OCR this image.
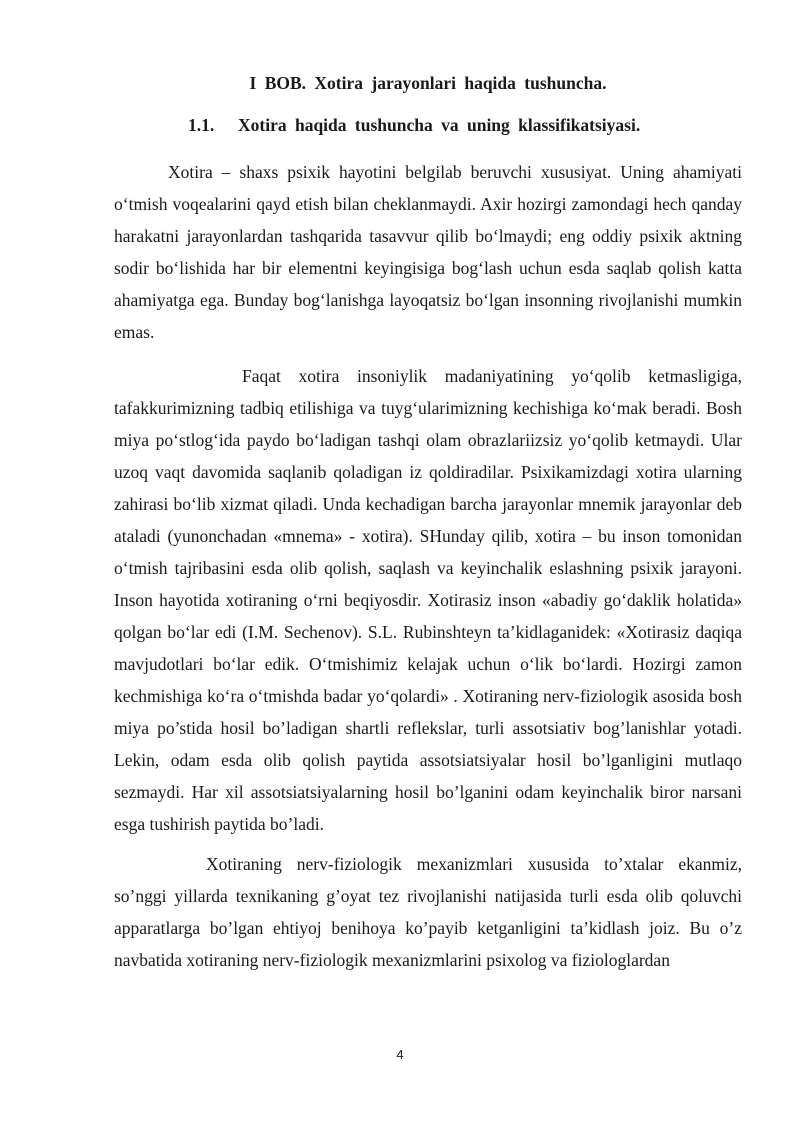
I BOB. Xotira jarayonlari haqida tushuncha.
1.1. Xotira haqida tushuncha va uning klassifikatsiyasi.

Xotira – shaxs psixik hayotini belgilab beruvchi xususiyat. Uning ahamiyati o‘tmish voqealarini qayd etish bilan cheklanmaydi. Axir hozirgi zamondagi hech qanday harakatni jarayonlardan tashqarida tasavvur qilib bo‘lmaydi; eng oddiy psixik aktning sodir bo‘lishida har bir elementni keyingisiga bog‘lash uchun esda saqlab qolish katta ahamiyatga ega. Bunday bog‘lanishga layoqatsiz bo‘lgan insonning rivojlanishi mumkin emas.

Faqat xotira insoniylik madaniyatining yo‘qolib ketmasligiga, tafakkurimizning tadbiq etilishiga va tuyg‘ularimizning kechishiga ko‘mak beradi. Bosh miya po‘stlog‘ida paydo bo‘ladigan tashqi olam obrazlariizsiz yo‘qolib ketmaydi. Ular uzoq vaqt davomida saqlanib qoladigan iz qoldiradilar. Psixikamizdagi xotira ularning zahirasi bo‘lib xizmat qiladi. Unda kechadigan barcha jarayonlar mnemik jarayonlar deb ataladi (yunonchadan «mnema» - xotira). SHunday qilib, xotira – bu inson tomonidan o‘tmish tajribasini esda olib qolish, saqlash va keyinchalik eslashning psixik jarayoni. Inson hayotida xotiraning o‘rni beqiyosdir. Xotirasiz inson «abadiy go‘daklik holatida» qolgan bo‘lar edi (I.M. Sechenov). S.L. Rubinshteyn ta’kidlaganidek: «Xotirasiz daqiqa mavjudotlari bo‘lar edik. O‘tmishimiz kelajak uchun o‘lik bo‘lardi. Hozirgi zamon kechmishiga ko‘ra o‘tmishda badar yo‘qolardi» . Xotiraning nerv-fiziologik asosida bosh miya po’stida hosil bo’ladigan shartli reflekslar, turli assotsiativ bog’lanishlar yotadi. Lekin, odam esda olib qolish paytida assotsiatsiyalar hosil bo’lganligini mutlaqo sezmaydi. Har xil assotsiatsiyalarning hosil bo’lganini odam keyinchalik biror narsani esga tushirish paytida bo’ladi.

Xotiraning nerv-fiziologik mexanizmlari xususida to’xtalar ekanmiz, so’nggi yillarda texnikaning g’oyat tez rivojlanishi natijasida turli esda olib qoluvchi apparatlarga bo’lgan ehtiyoj benihoya ko’payib ketganligini ta’kidlash joiz. Bu o’z navbatida xotiraning nerv-fiziologik mexanizmlarini psixolog va fiziologlardan

4
